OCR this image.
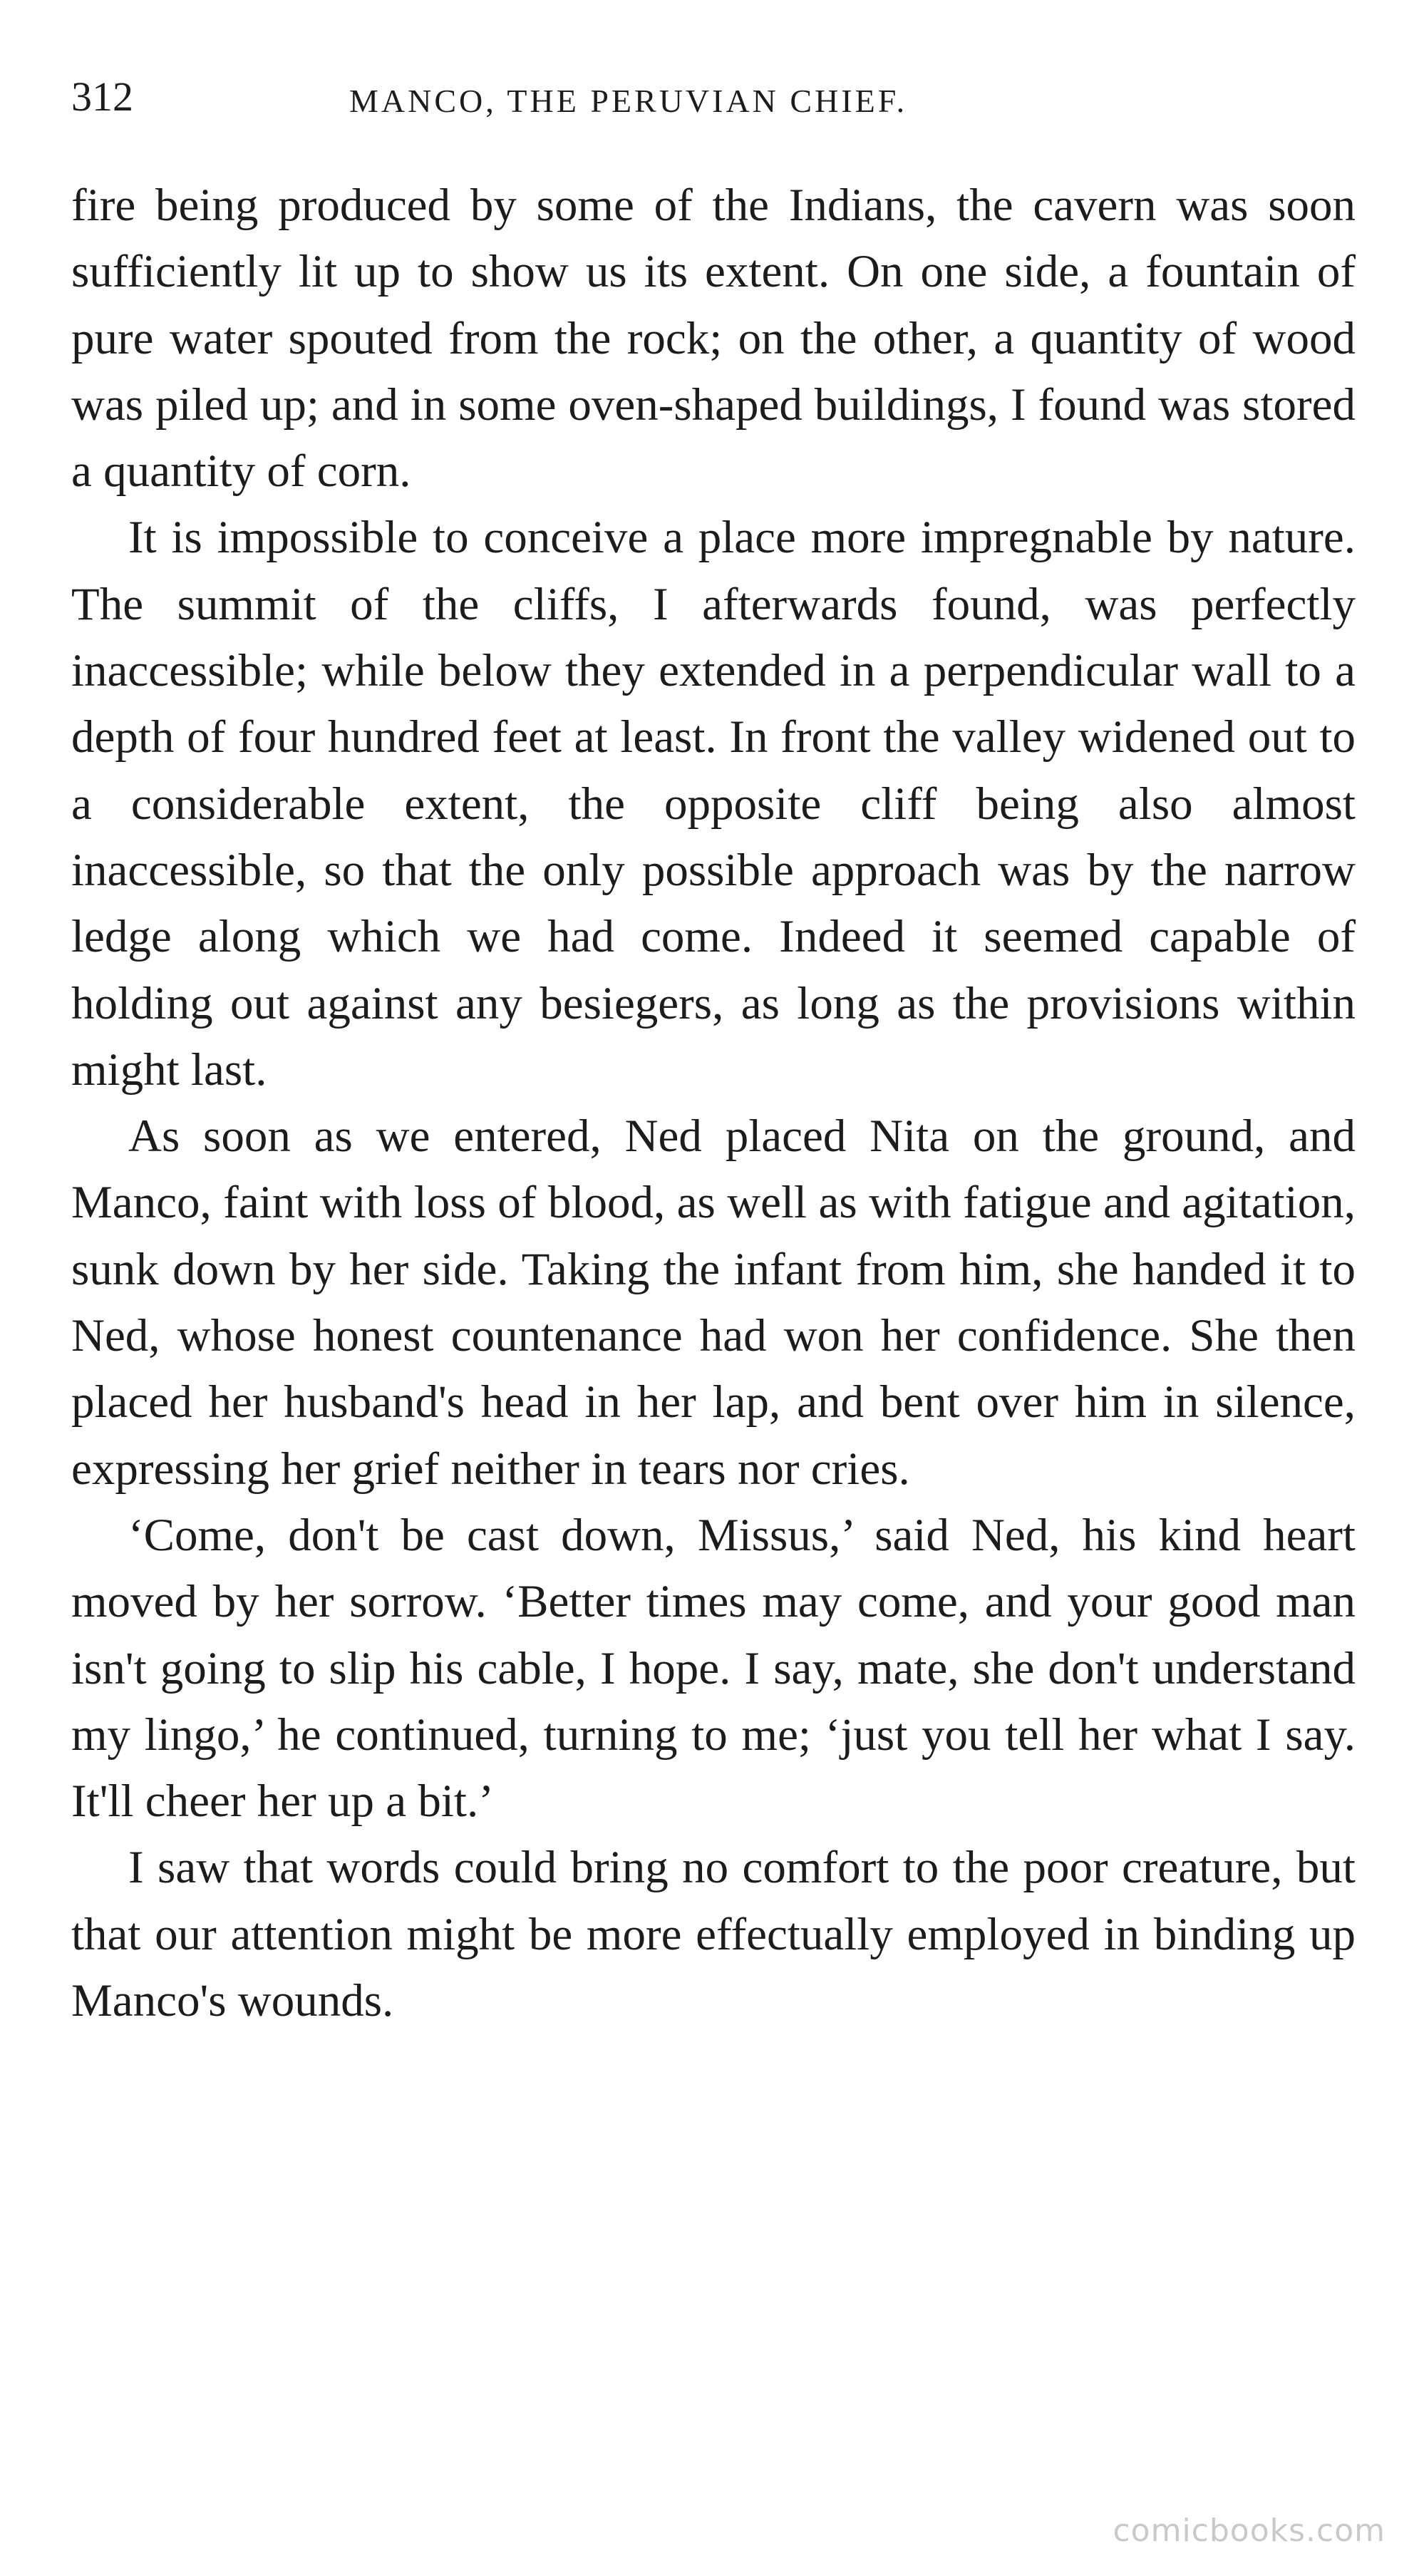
312	MANCO, THE PERUVIAN CHIEF.

fire being produced by some of the Indians, the cavern was soon sufficiently lit up to show us its extent. On one side, a fountain of pure water spouted from the rock; on the other, a quantity of wood was piled up; and in some oven-shaped buildings, I found was stored a quantity of corn.

It is impossible to conceive a place more impregnable by nature. The summit of the cliffs, I afterwards found, was perfectly inaccessible; while below they extended in a perpendicular wall to a depth of four hundred feet at least. In front the valley widened out to a considerable extent, the opposite cliff being also almost inaccessible, so that the only possible approach was by the narrow ledge along which we had come. Indeed it seemed capable of holding out against any besiegers, as long as the provisions within might last.

As soon as we entered, Ned placed Nita on the ground, and Manco, faint with loss of blood, as well as with fatigue and agitation, sunk down by her side. Taking the infant from him, she handed it to Ned, whose honest countenance had won her confidence. She then placed her husband's head in her lap, and bent over him in silence, expressing her grief neither in tears nor cries.

‘Come, don't be cast down, Missus,’ said Ned, his kind heart moved by her sorrow. ‘Better times may come, and your good man isn't going to slip his cable, I hope. I say, mate, she don't understand my lingo,’ he continued, turning to me; ‘just you tell her what I say. It'll cheer her up a bit.’

I saw that words could bring no comfort to the poor creature, but that our attention might be more effectually employed in binding up Manco's wounds.

comicbooks.com
